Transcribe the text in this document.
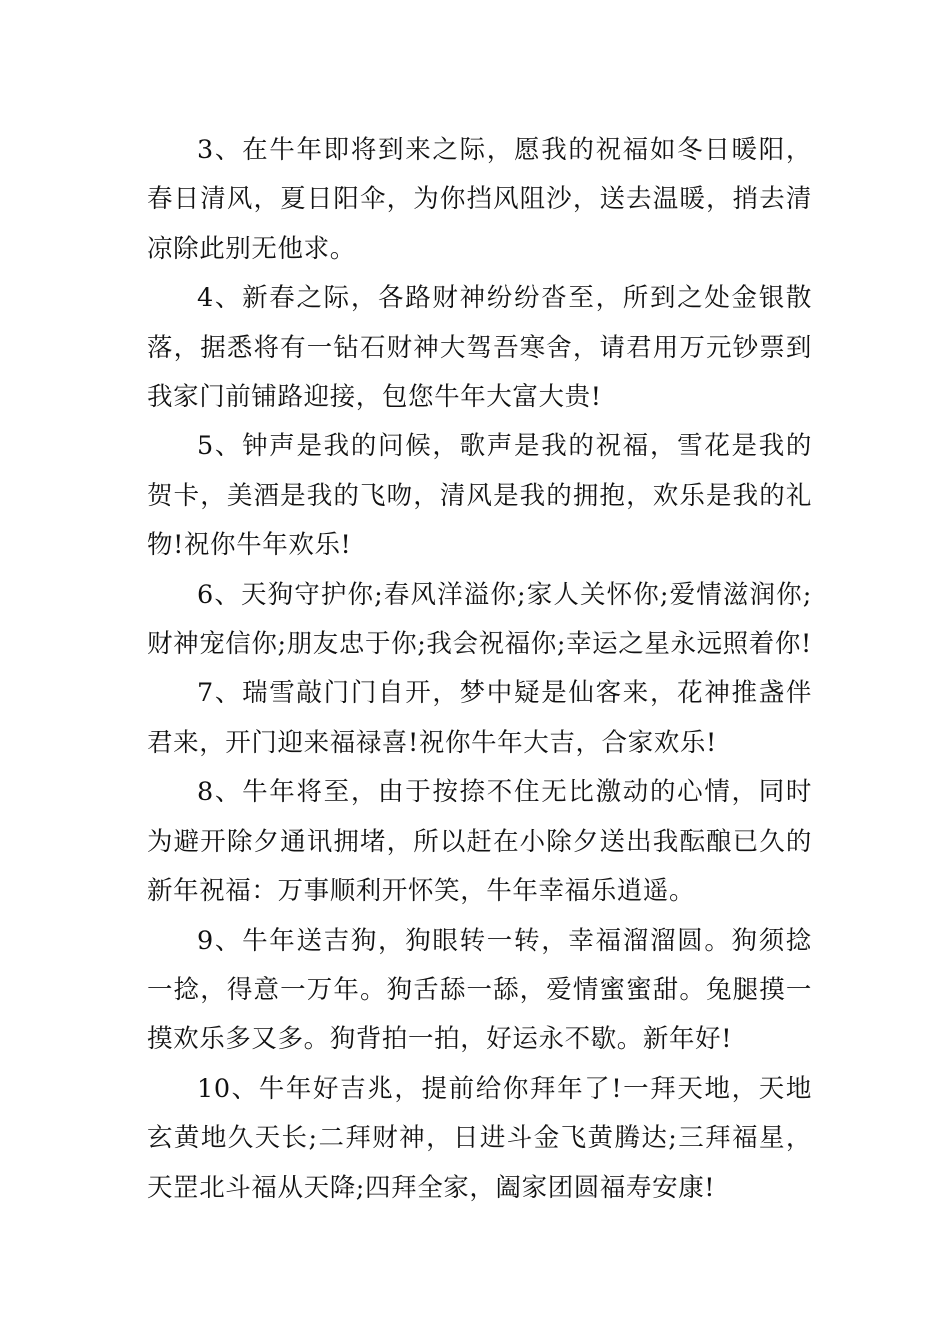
3、在牛年即将到来之际，愿我的祝福如冬日暖阳，春日清风，夏日阳伞，为你挡风阻沙，送去温暖，捎去清凉除此别无他求。

4、新春之际，各路财神纷纷沓至，所到之处金银散落，据悉将有一钻石财神大驾吾寒舍，请君用万元钞票到我家门前铺路迎接，包您牛年大富大贵!

5、钟声是我的问候，歌声是我的祝福，雪花是我的贺卡，美酒是我的飞吻，清风是我的拥抱，欢乐是我的礼物!祝你牛年欢乐!

6、天狗守护你;春风洋溢你;家人关怀你;爱情滋润你;财神宠信你;朋友忠于你;我会祝福你;幸运之星永远照着你!

7、瑞雪敲门门自开，梦中疑是仙客来，花神推盏伴君来，开门迎来福禄喜!祝你牛年大吉，合家欢乐!

8、牛年将至，由于按捺不住无比激动的心情，同时为避开除夕通讯拥堵，所以赶在小除夕送出我酝酿已久的新年祝福：万事顺利开怀笑，牛年幸福乐逍遥。

9、牛年送吉狗，狗眼转一转，幸福溜溜圆。狗须捻一捻，得意一万年。狗舌舔一舔，爱情蜜蜜甜。兔腿摸一摸欢乐多又多。狗背拍一拍，好运永不歇。新年好!

10、牛年好吉兆，提前给你拜年了!一拜天地，天地玄黄地久天长;二拜财神，日进斗金飞黄腾达;三拜福星，天罡北斗福从天降;四拜全家，阖家团圆福寿安康!
